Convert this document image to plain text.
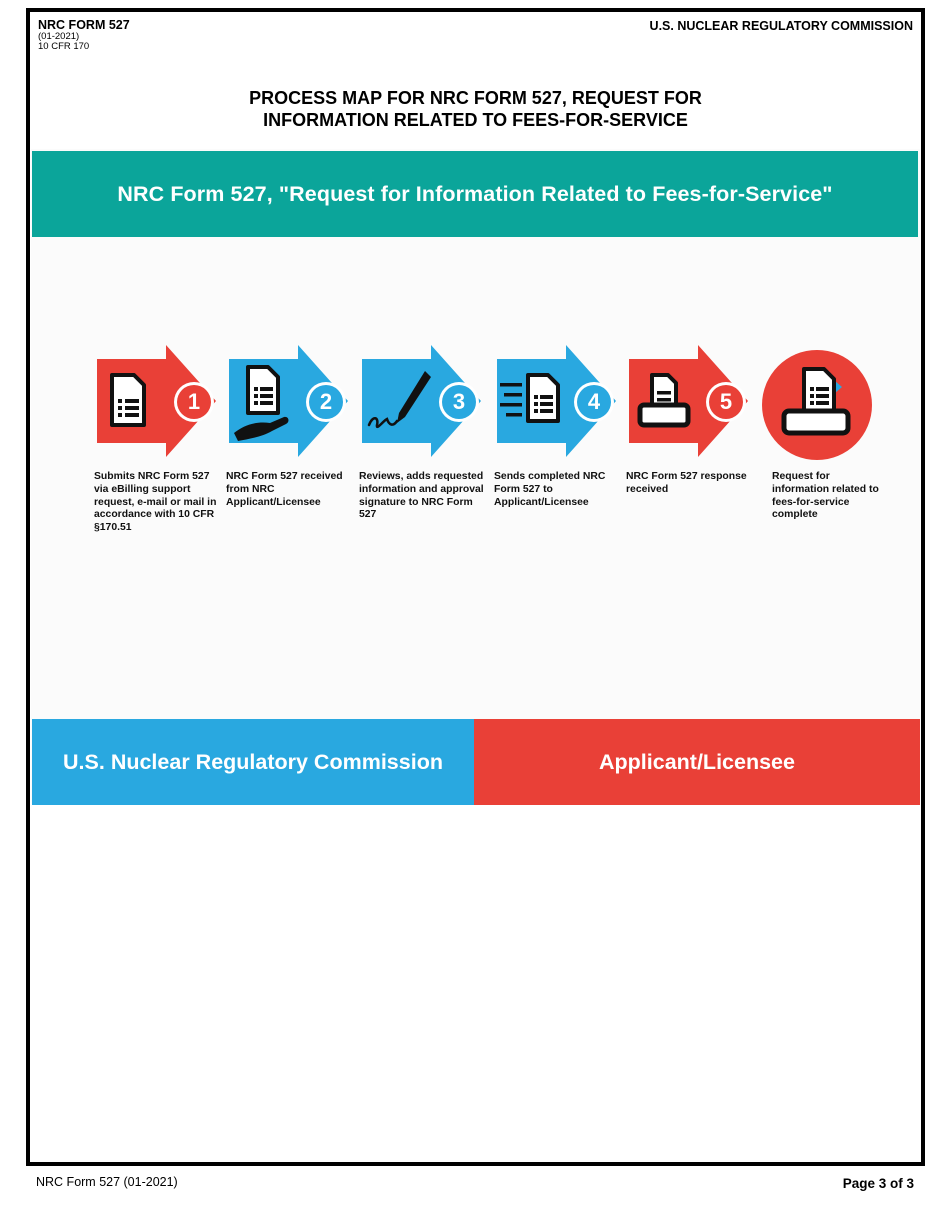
NRC FORM 527
(01-2021)
10 CFR 170
U.S. NUCLEAR REGULATORY COMMISSION
PROCESS MAP FOR NRC FORM 527, REQUEST FOR
INFORMATION RELATED TO FEES-FOR-SERVICE
NRC Form 527, "Request for Information Related to Fees-for-Service"
1
Submits NRC Form 527 via eBilling support request, e-mail or mail in accordance with 10 CFR §170.51
2
NRC Form 527 received from NRC Applicant/Licensee
3
Reviews, adds requested information and approval signature to NRC Form 527
4
Sends completed NRC Form 527 to Applicant/Licensee
5
NRC Form 527 response received
Request for information related to fees-for-service complete
U.S. Nuclear Regulatory Commission	Applicant/Licensee
NRC Form 527 (01-2021)	Page 3 of 3
